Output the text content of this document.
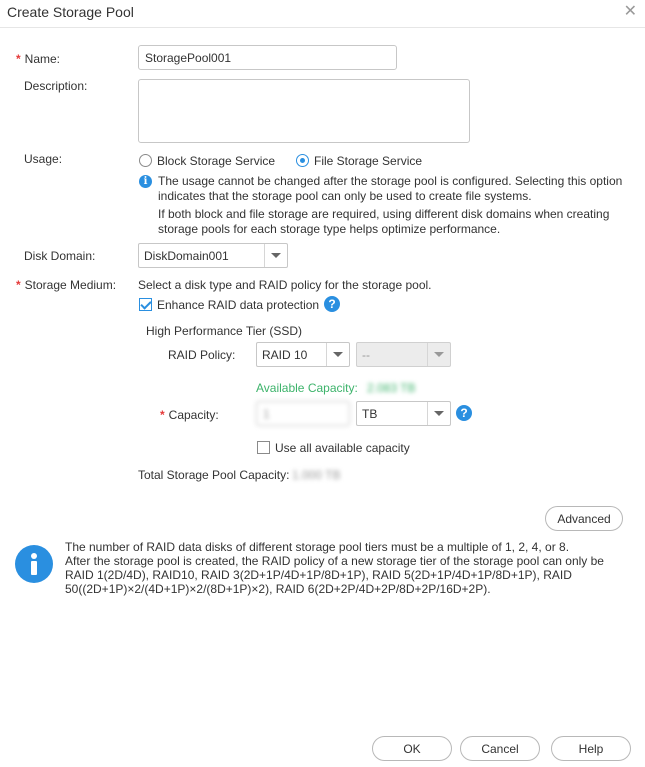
Create Storage Pool	✕
* Name:
StoragePool001
Description:
Usage:	Block Storage Service	File Storage Service
i The usage cannot be changed after the storage pool is configured. Selecting this option
indicates that the storage pool can only be used to create file systems.
If both block and file storage are required, using different disk domains when creating
storage pools for each storage type helps optimize performance.
Disk Domain:	DiskDomain001
* Storage Medium: Select a disk type and RAID policy for the storage pool.
Enhance RAID data protection ?
High Performance Tier (SSD)
RAID Policy:	RAID 10	--
Available Capacity: 2.083 TB
* Capacity:
1	TB	?
Use all available capacity
Total Storage Pool Capacity: 1.000 TB
Advanced
The number of RAID data disks of different storage pool tiers must be a multiple of 1, 2, 4, or 8.
After the storage pool is created, the RAID policy of a new storage tier of the storage pool can only be
RAID 1(2D/4D), RAID10, RAID 3(2D+1P/4D+1P/8D+1P), RAID 5(2D+1P/4D+1P/8D+1P), RAID
50((2D+1P)×2/(4D+1P)×2/(8D+1P)×2), RAID 6(2D+2P/4D+2P/8D+2P/16D+2P).
OK	Cancel	Help
